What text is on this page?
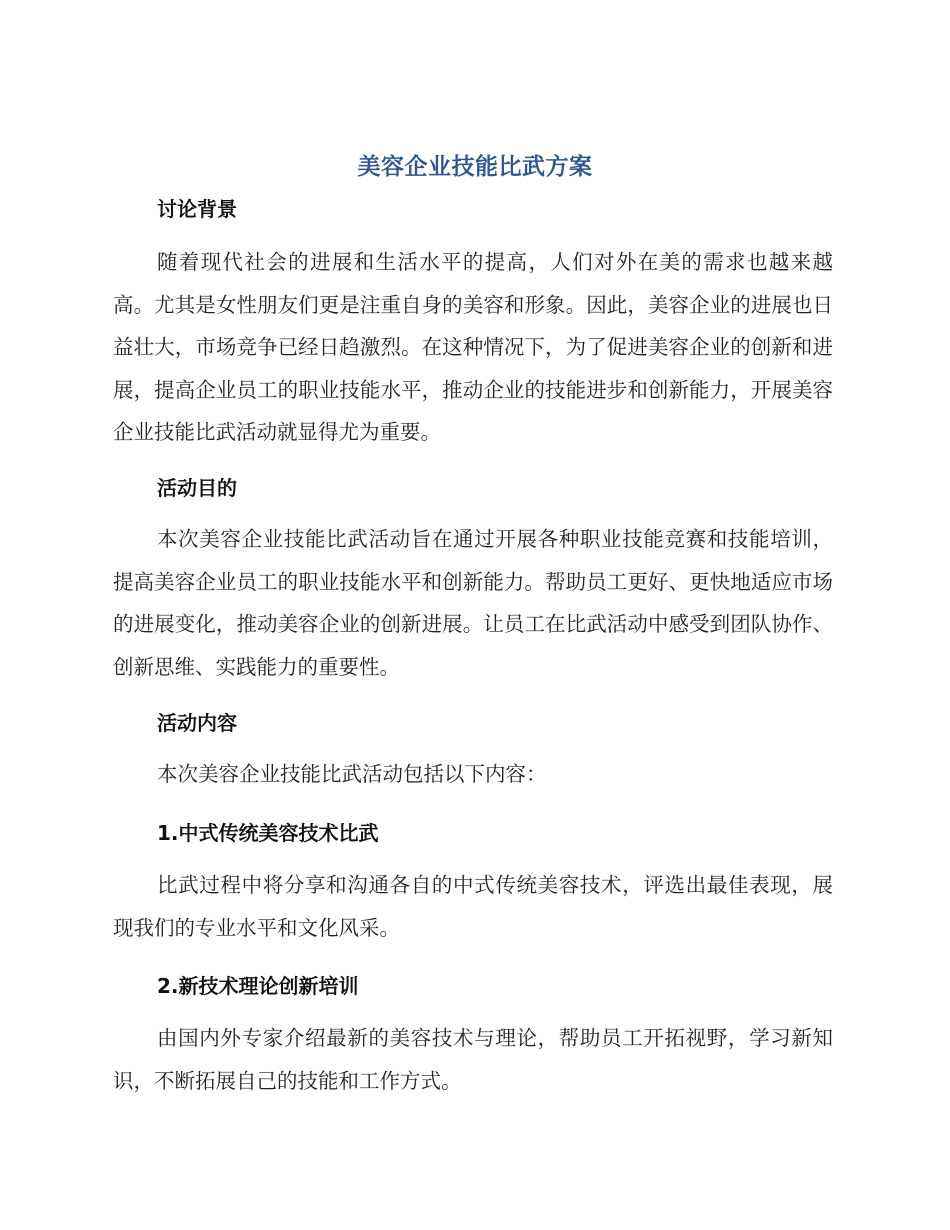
美容企业技能比武方案
讨论背景
随着现代社会的进展和生活水平的提高，人们对外在美的需求也越来越高。尤其是女性朋友们更是注重自身的美容和形象。因此，美容企业的进展也日益壮大，市场竞争已经日趋激烈。在这种情况下，为了促进美容企业的创新和进展，提高企业员工的职业技能水平，推动企业的技能进步和创新能力，开展美容企业技能比武活动就显得尤为重要。
活动目的
本次美容企业技能比武活动旨在通过开展各种职业技能竞赛和技能培训，提高美容企业员工的职业技能水平和创新能力。帮助员工更好、更快地适应市场的进展变化，推动美容企业的创新进展。让员工在比武活动中感受到团队协作、创新思维、实践能力的重要性。
活动内容
本次美容企业技能比武活动包括以下内容：
1.中式传统美容技术比武
比武过程中将分享和沟通各自的中式传统美容技术，评选出最佳表现，展现我们的专业水平和文化风采。
2.新技术理论创新培训
由国内外专家介绍最新的美容技术与理论，帮助员工开拓视野，学习新知识，不断拓展自己的技能和工作方式。
